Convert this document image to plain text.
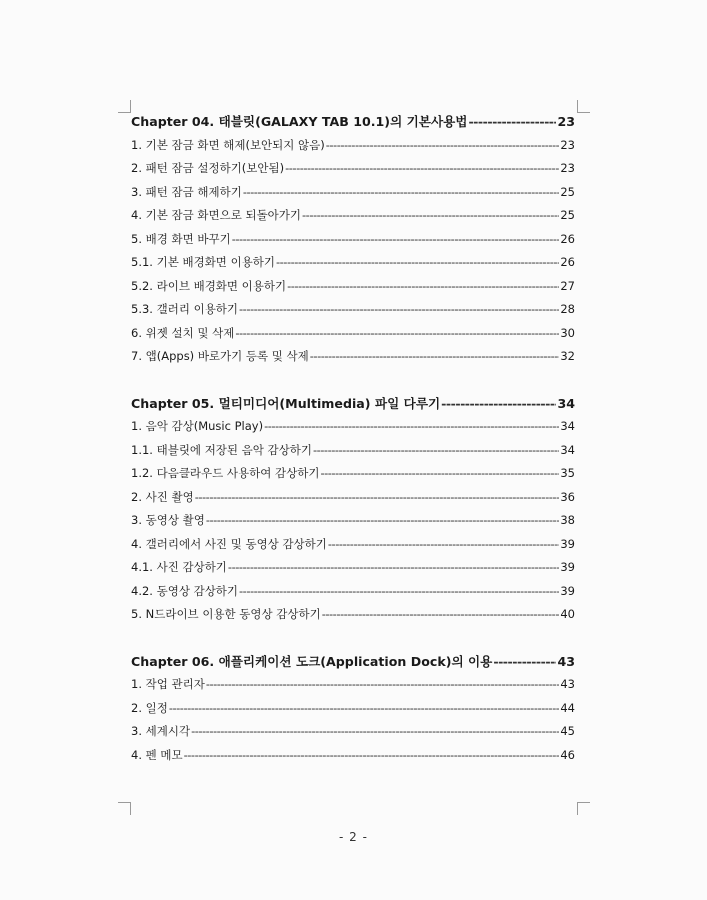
Chapter 04. 태블릿(GALAXY TAB 10.1)의 기본사용법 -----	23
1. 기본 잠금 화면 해제(보안되지 않음) -----	23
2. 패턴 잠금 설정하기(보안됨) -----	23
3. 패턴 잠금 해제하기 -----	25
4. 기본 잠금 화면으로 되돌아가기 -----	25
5. 배경 화면 바꾸기 -----	26
5.1. 기본 배경화면 이용하기 -----	26
5.2. 라이브 배경화면 이용하기 -----	27
5.3. 갤러리 이용하기 -----	28
6. 위젯 설치 및 삭제 -----	30
7. 앱(Apps) 바로가기 등록 및 삭제 -----	32
Chapter 05. 멀티미디어(Multimedia) 파일 다루기 -----	34
1. 음악 감상(Music Play) -----	34
1.1. 태블릿에 저장된 음악 감상하기 -----	34
1.2. 다음클라우드 사용하여 감상하기 -----	35
2. 사진 촬영 -----	36
3. 동영상 촬영 -----	38
4. 갤러리에서 사진 및 동영상 감상하기 -----	39
4.1. 사진 감상하기 -----	39
4.2. 동영상 감상하기 -----	39
5. N드라이브 이용한 동영상 감상하기 -----	40
Chapter 06. 애플리케이션 도크(Application Dock)의 이용 -----	43
1. 작업 관리자 -----	43
2. 일정 -----	44
3. 세계시각 -----	45
4. 펜 메모 -----	46
- 2 -
